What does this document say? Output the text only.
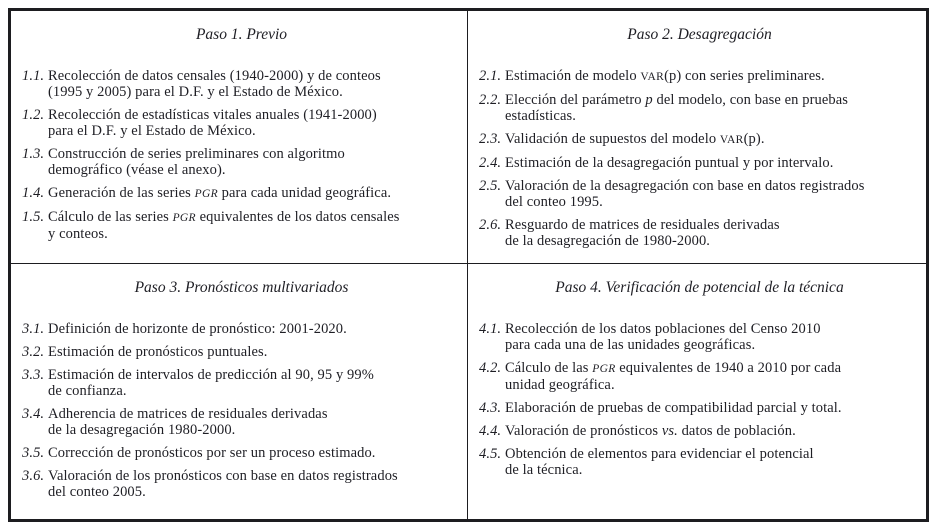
Paso 1. Previo
1.1. Recolección de datos censales (1940-2000) y de conteos
(1995 y 2005) para el D.F. y el Estado de México.
1.2. Recolección de estadísticas vitales anuales (1941-2000)
para el D.F. y el Estado de México.
1.3. Construcción de series preliminares con algoritmo
demográfico (véase el anexo).
1.4. Generación de las series PGR para cada unidad geográfica.
1.5. Cálculo de las series PGR equivalentes de los datos censales
y conteos.
Paso 2. Desagregación
2.1. Estimación de modelo VAR(p) con series preliminares.
2.2. Elección del parámetro p del modelo, con base en pruebas
estadísticas.
2.3. Validación de supuestos del modelo VAR(p).
2.4. Estimación de la desagregación puntual y por intervalo.
2.5. Valoración de la desagregación con base en datos registrados
del conteo 1995.
2.6. Resguardo de matrices de residuales derivadas
de la desagregación de 1980-2000.
Paso 3. Pronósticos multivariados
3.1. Definición de horizonte de pronóstico: 2001-2020.
3.2. Estimación de pronósticos puntuales.
3.3. Estimación de intervalos de predicción al 90, 95 y 99%
de confianza.
3.4. Adherencia de matrices de residuales derivadas
de la desagregación 1980-2000.
3.5. Corrección de pronósticos por ser un proceso estimado.
3.6. Valoración de los pronósticos con base en datos registrados
del conteo 2005.
Paso 4. Verificación de potencial de la técnica
4.1. Recolección de los datos poblaciones del Censo 2010
para cada una de las unidades geográficas.
4.2. Cálculo de las PGR equivalentes de 1940 a 2010 por cada
unidad geográfica.
4.3. Elaboración de pruebas de compatibilidad parcial y total.
4.4. Valoración de pronósticos vs. datos de población.
4.5. Obtención de elementos para evidenciar el potencial
de la técnica.
